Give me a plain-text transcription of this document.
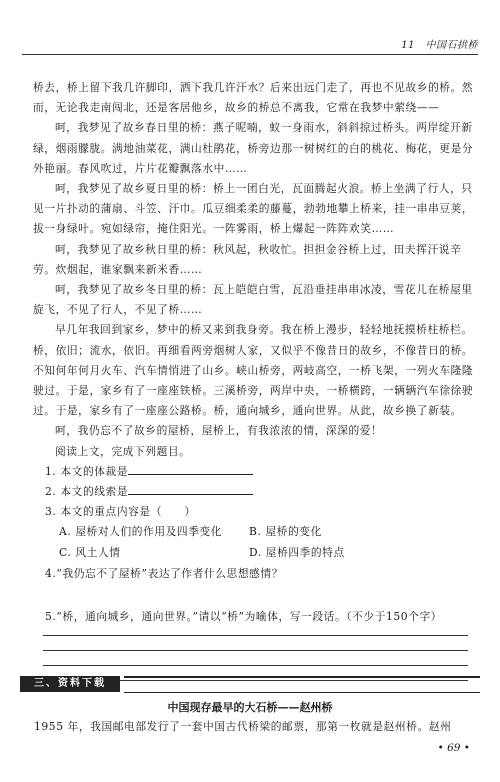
11　中国石拱桥

桥去，桥上留下我几许脚印，洒下我几许汗水？后来出远门走了，再也不见故乡的桥。然而，无论我走南闯北，还是客居他乡，故乡的桥总不离我，它常在我梦中萦绕——

呵，我梦见了故乡春日里的桥：燕子呢喃，蚁一身雨水，斜斜掠过桥头。两岸绽开新绿，烟雨朦胧。满地油菜花，满山杜鹃花，桥旁边那一树树红的白的桃花、梅花，更是分外艳丽。春风吹过，片片花瓣飘落水中……

呵，我梦见了故乡夏日里的桥：桥上一团白光，瓦面腾起火浪。桥上坐满了行人，只见一片扑动的蒲扇、斗笠、汗巾。瓜豆细柔柔的藤蔓，勃勃地攀上桥来，挂一串串豆荚，拔一身绿叶。宛如绿帘，掩住阳光。一阵雾雨，桥上爆起一阵阵欢笑……

呵，我梦见了故乡秋日里的桥：秋风起，秋收忙。担担金谷桥上过，田夫挥汗说辛劳。炊烟起，谁家飘来新米香……

呵，我梦见了故乡冬日里的桥：瓦上皑皑白雪，瓦沿垂挂串串冰凌，雪花儿在桥屋里旋飞，不见了行人，不见了桥……

早几年我回到家乡，梦中的桥又来到我身旁。我在桥上漫步，轻轻地抚摸桥柱桥栏。桥，依旧；流水，依旧。再细看两旁烟树人家，又似乎不像昔日的故乡，不像昔日的桥。不知何年何月火车、汽车情悄进了山乡。峡山桥旁，两岐高空，一桥飞架，一列火车隆隆驶过。于是，家乡有了一座座铁桥。三溪桥旁，两岸中央，一桥横跨，一辆辆汽车徐徐驶过。于是，家乡有了一座座公路桥。桥，通向城乡，通向世界。从此，故乡换了新装。

呵，我仍忘不了故乡的屋桥，屋桥上，有我浓浓的情，深深的爱！

阅读上文，完成下列题目。

1. 本文的体裁是

2. 本文的线索是

3. 本文的重点内容是（　　）

A. 屋桥对人们的作用及四季变化	B. 屋桥的变化
C. 风土人情	D. 屋桥四季的特点

4.“我仍忘不了屋桥”表达了作者什么思想感情？

5.“桥，通向城乡，通向世界。”请以“桥”为喻体，写一段话。（不少于150个字）

三、资料下载
中国现存最早的大石桥——赵州桥
1955 年，我国邮电部发行了一套中国古代桥梁的邮票，那第一枚就是赵州桥。赵州
• 69 •
